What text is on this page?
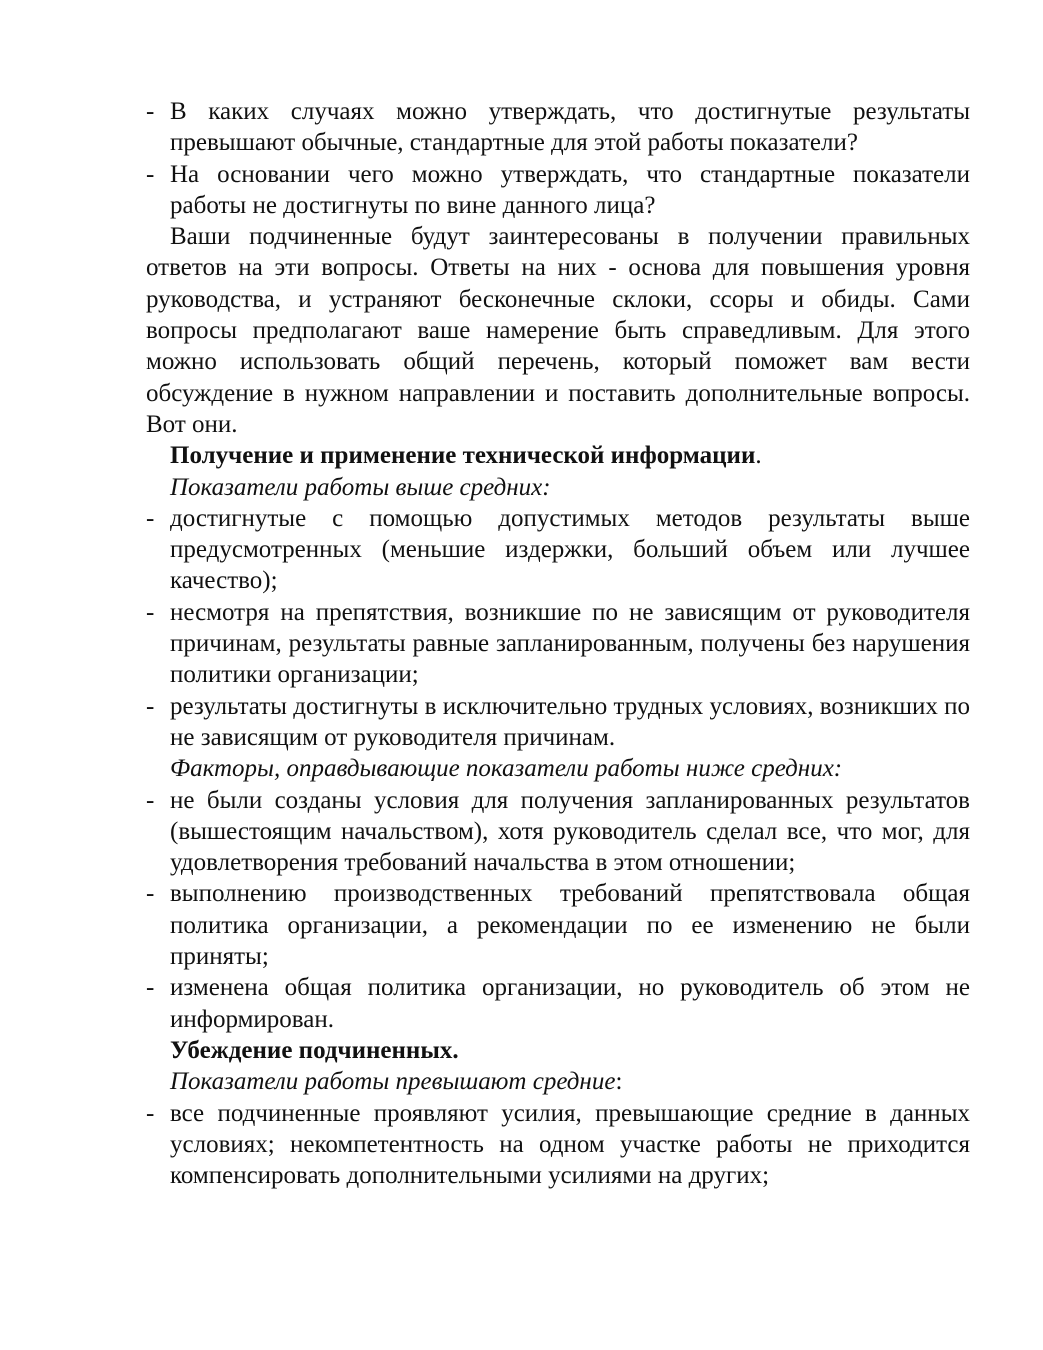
- В каких случаях можно утверждать, что достигнутые результаты превышают обычные, стандартные для этой работы показатели?
- На основании чего можно утверждать, что стандартные показатели работы не достигнуты по вине данного лица?
Ваши подчиненные будут заинтересованы в получении правильных ответов на эти вопросы. Ответы на них - основа для повышения уровня руководства, и устраняют бесконечные склоки, ссоры и обиды. Сами вопросы предполагают ваше намерение быть справедливым. Для этого можно использовать общий перечень, который поможет вам вести обсуждение в нужном направлении и поставить дополнительные вопросы. Вот они.
Получение и применение технической информации.
Показатели работы выше средних:
- достигнутые с помощью допустимых методов результаты выше предусмотренных (меньшие издержки, больший объем или лучшее качество);
- несмотря на препятствия, возникшие по не зависящим от руководителя причинам, результаты равные запланированным, получены без нарушения политики организации;
- результаты достигнуты в исключительно трудных условиях, возникших по не зависящим от руководителя причинам.
Факторы, оправдывающие показатели работы ниже средних:
- не были созданы условия для получения запланированных результатов (вышестоящим начальством), хотя руководитель сделал все, что мог, для удовлетворения требований начальства в этом отношении;
- выполнению производственных требований препятствовала общая политика организации, а рекомендации по ее изменению не были приняты;
- изменена общая политика организации, но руководитель об этом не информирован.
Убеждение подчиненных.
Показатели работы превышают средние:
- все подчиненные проявляют усилия, превышающие средние в данных условиях; некомпетентность на одном участке работы не приходится компенсировать дополнительными усилиями на других;
